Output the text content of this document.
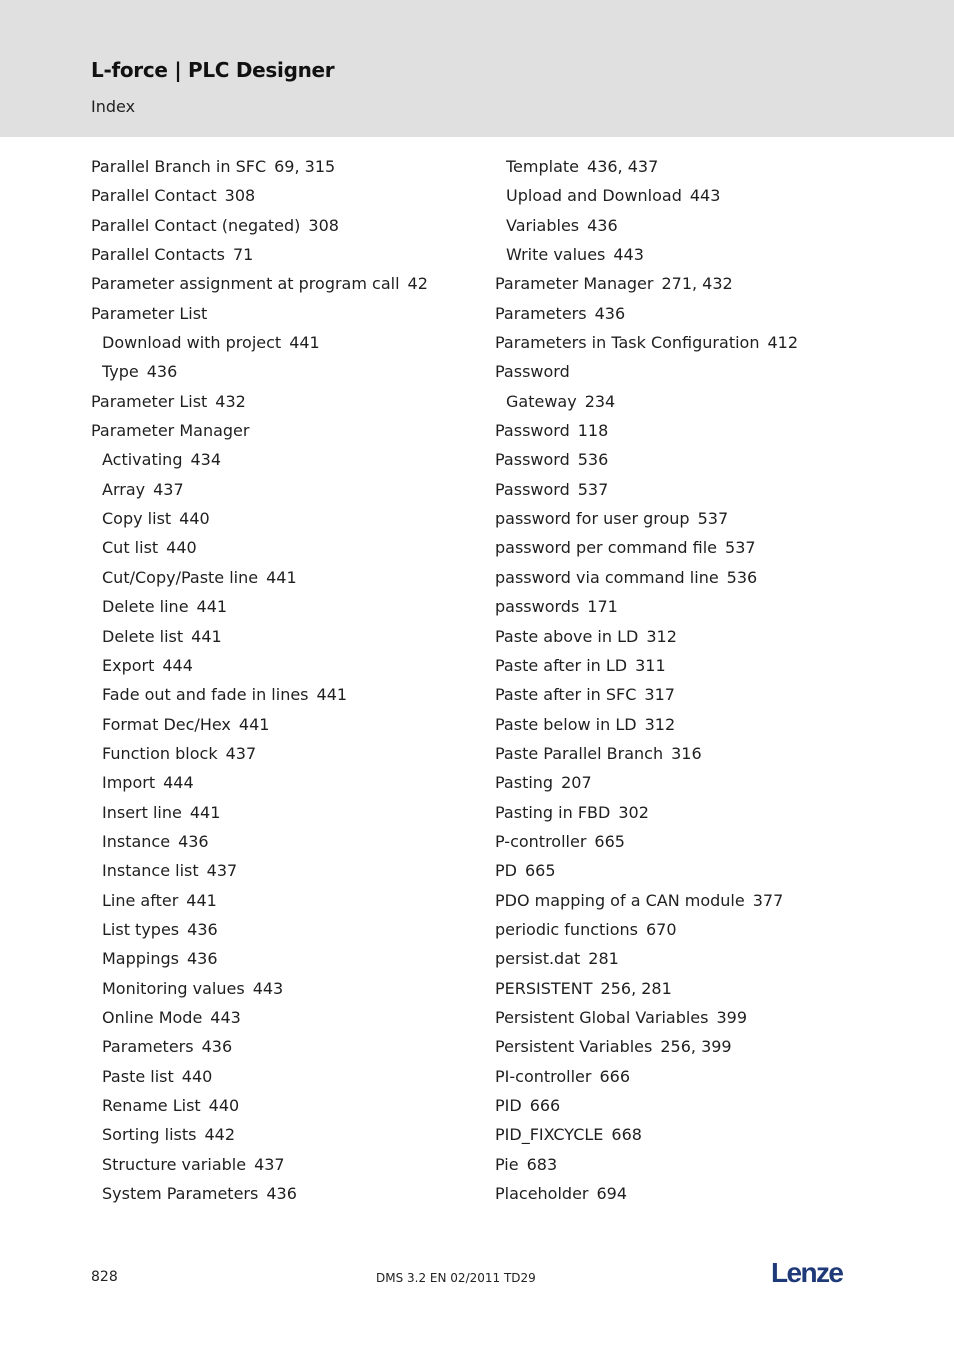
L-force | PLC Designer
Index
Parallel Branch in SFC 69, 315
Parallel Contact 308
Parallel Contact (negated) 308
Parallel Contacts 71
Parameter assignment at program call 42
Parameter List
Download with project 441
Type 436
Parameter List 432
Parameter Manager
Activating 434
Array 437
Copy list 440
Cut list 440
Cut/Copy/Paste line 441
Delete line 441
Delete list 441
Export 444
Fade out and fade in lines 441
Format Dec/Hex 441
Function block 437
Import 444
Insert line 441
Instance 436
Instance list 437
Line after 441
List types 436
Mappings 436
Monitoring values 443
Online Mode 443
Parameters 436
Paste list 440
Rename List 440
Sorting lists 442
Structure variable 437
System Parameters 436
Template 436, 437
Upload and Download 443
Variables 436
Write values 443
Parameter Manager 271, 432
Parameters 436
Parameters in Task Configuration 412
Password
Gateway 234
Password 118
Password 536
Password 537
password for user group 537
password per command file 537
password via command line 536
passwords 171
Paste above in LD 312
Paste after in LD 311
Paste after in SFC 317
Paste below in LD 312
Paste Parallel Branch 316
Pasting 207
Pasting in FBD 302
P-controller 665
PD 665
PDO mapping of a CAN module 377
periodic functions 670
persist.dat 281
PERSISTENT 256, 281
Persistent Global Variables 399
Persistent Variables 256, 399
PI-controller 666
PID 666
PID_FIXCYCLE 668
Pie 683
Placeholder 694
828	DMS 3.2 EN 02/2011 TD29	Lenze
